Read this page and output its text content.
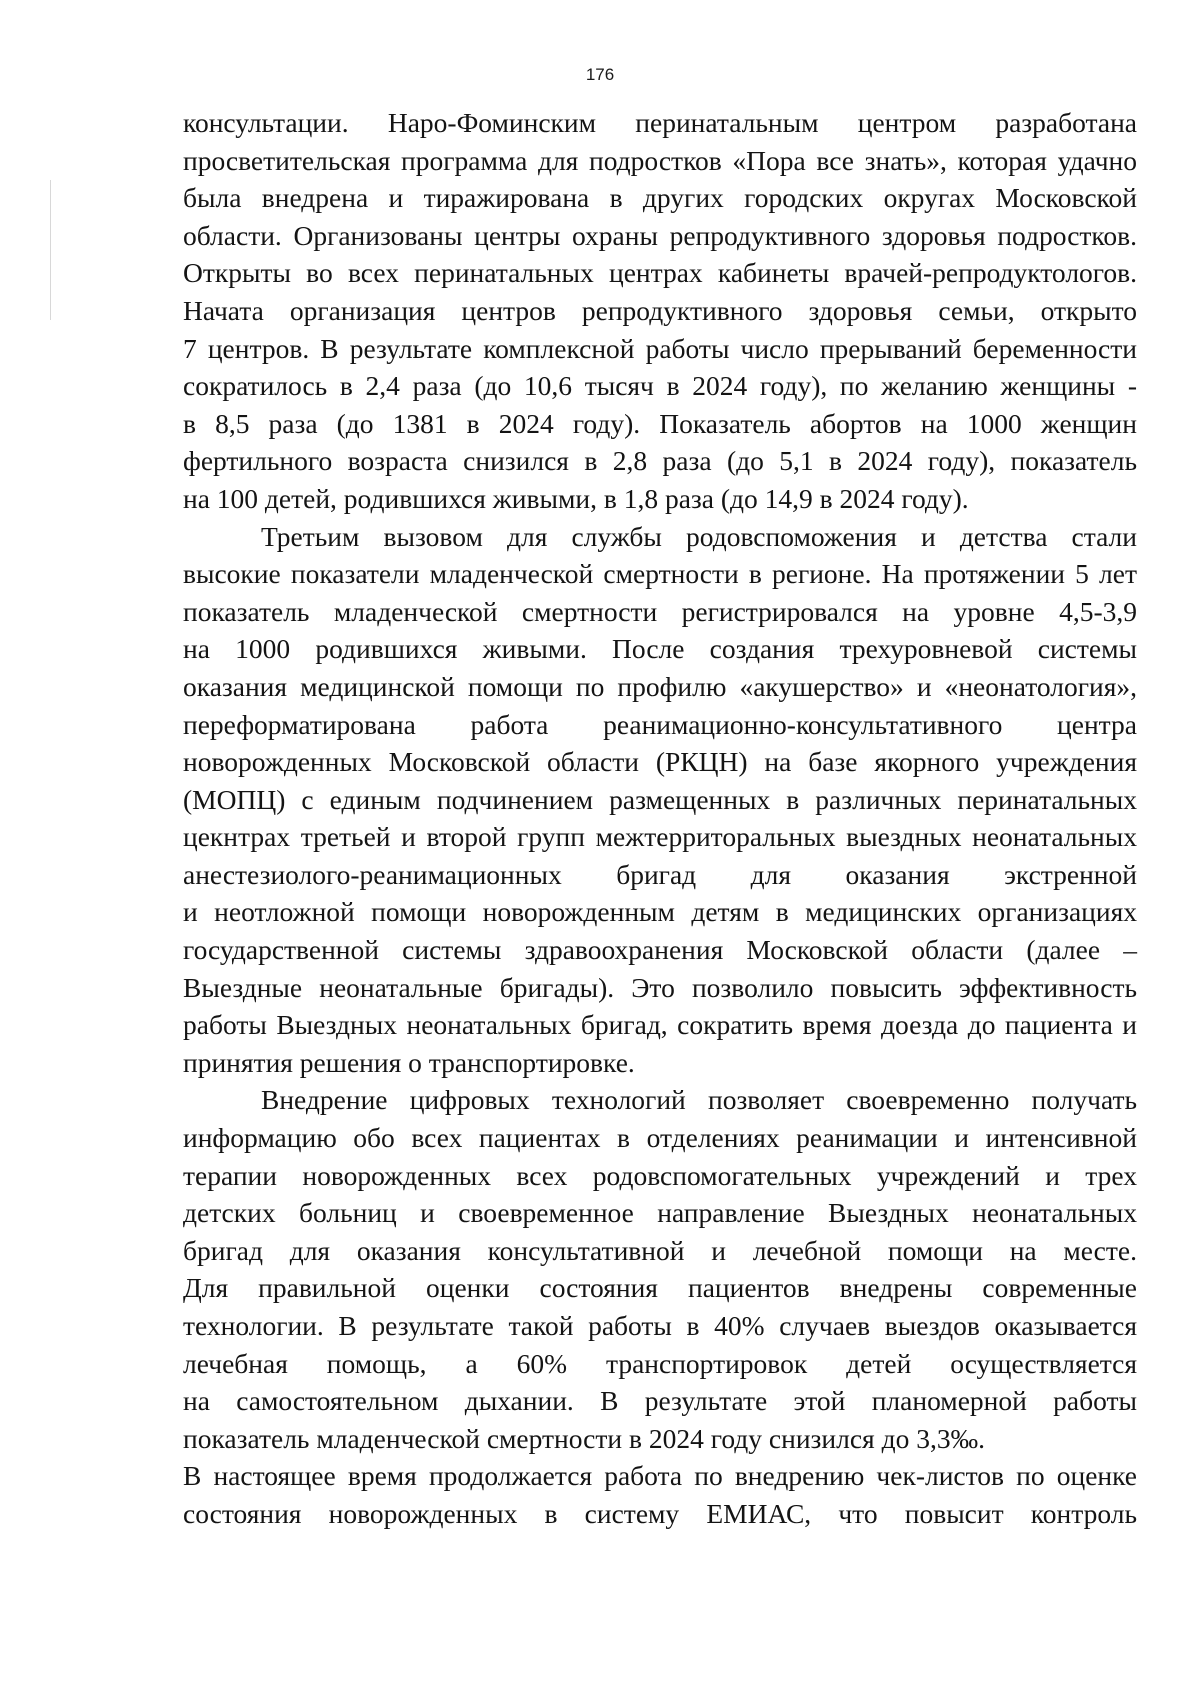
176

консультации. Наро-Фоминским перинатальным центром разработана
просветительская программа для подростков «Пора все знать», которая удачно
была внедрена и тиражирована в других городских округах Московской
области. Организованы центры охраны репродуктивного здоровья подростков.
Открыты во всех перинатальных центрах кабинеты врачей-репродуктологов.
Начата организация центров репродуктивного здоровья семьи, открыто
7 центров. В результате комплексной работы число прерываний беременности
сократилось в 2,4 раза (до 10,6 тысяч в 2024 году), по желанию женщины -
в 8,5 раза (до 1381 в 2024 году). Показатель абортов на 1000 женщин
фертильного возраста снизился в 2,8 раза (до 5,1 в 2024 году), показатель
на 100 детей, родившихся живыми, в 1,8 раза (до 14,9 в 2024 году).

Третьим вызовом для службы родовспоможения и детства стали
высокие показатели младенческой смертности в регионе. На протяжении 5 лет
показатель младенческой смертности регистрировался на уровне 4,5-3,9
на 1000 родившихся живыми. После создания трехуровневой системы
оказания медицинской помощи по профилю «акушерство» и «неонатология»,
переформатирована работа реанимационно-консультативного центра
новорожденных Московской области (РКЦН) на базе якорного учреждения
(МОПЦ) с единым подчинением размещенных в различных перинатальных
цекнтрах третьей и второй групп межтерриторальных выездных неонатальных
анестезиолого-реанимационных бригад для оказания экстренной
и неотложной помощи новорожденным детям в медицинских организациях
государственной системы здравоохранения Московской области (далее –
Выездные неонатальные бригады). Это позволило повысить эффективность
работы Выездных неонатальных бригад, сократить время доезда до пациента и
принятия решения о транспортировке.

Внедрение цифровых технологий позволяет своевременно получать
информацию обо всех пациентах в отделениях реанимации и интенсивной
терапии новорожденных всех родовспомогательных учреждений и трех
детских больниц и своевременное направление Выездных неонатальных
бригад для оказания консультативной и лечебной помощи на месте.
Для правильной оценки состояния пациентов внедрены современные
технологии. В результате такой работы в 40% случаев выездов оказывается
лечебная помощь, а 60% транспортировок детей осуществляется
на самостоятельном дыхании. В результате этой планомерной работы
показатель младенческой смертности в 2024 году снизился до 3,3‰.
В настоящее время продолжается работа по внедрению чек-листов по оценке
состояния новорожденных в систему ЕМИАС, что повысит контроль
